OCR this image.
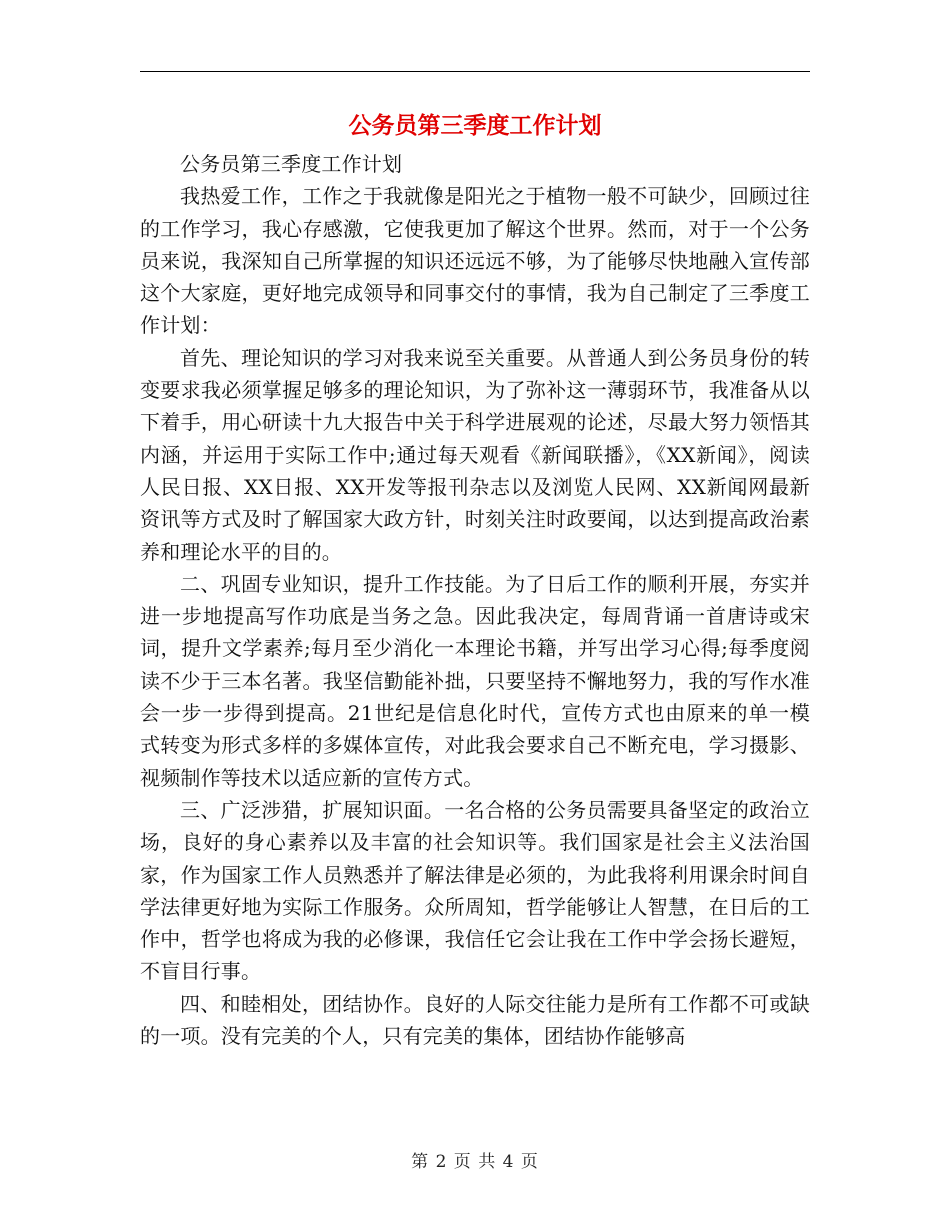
公务员第三季度工作计划

公务员第三季度工作计划

我热爱工作，工作之于我就像是阳光之于植物一般不可缺少，回顾过往的工作学习，我心存感激，它使我更加了解这个世界。然而，对于一个公务员来说，我深知自己所掌握的知识还远远不够，为了能够尽快地融入宣传部这个大家庭，更好地完成领导和同事交付的事情，我为自己制定了三季度工作计划：

首先、理论知识的学习对我来说至关重要。从普通人到公务员身份的转变要求我必须掌握足够多的理论知识，为了弥补这一薄弱环节，我准备从以下着手，用心研读十九大报告中关于科学进展观的论述，尽最大努力领悟其内涵，并运用于实际工作中;通过每天观看《新闻联播》，《XX新闻》，阅读人民日报、XX日报、XX开发等报刊杂志以及浏览人民网、XX新闻网最新资讯等方式及时了解国家大政方针，时刻关注时政要闻，以达到提高政治素养和理论水平的目的。

二、巩固专业知识，提升工作技能。为了日后工作的顺利开展，夯实并进一步地提高写作功底是当务之急。因此我决定，每周背诵一首唐诗或宋词，提升文学素养;每月至少消化一本理论书籍，并写出学习心得;每季度阅读不少于三本名著。我坚信勤能补拙，只要坚持不懈地努力，我的写作水准会一步一步得到提高。21世纪是信息化时代，宣传方式也由原来的单一模式转变为形式多样的多媒体宣传，对此我会要求自己不断充电，学习摄影、视频制作等技术以适应新的宣传方式。

三、广泛涉猎，扩展知识面。一名合格的公务员需要具备坚定的政治立场，良好的身心素养以及丰富的社会知识等。我们国家是社会主义法治国家，作为国家工作人员熟悉并了解法律是必须的，为此我将利用课余时间自学法律更好地为实际工作服务。众所周知，哲学能够让人智慧，在日后的工作中，哲学也将成为我的必修课，我信任它会让我在工作中学会扬长避短，不盲目行事。

四、和睦相处，团结协作。良好的人际交往能力是所有工作都不可或缺的一项。没有完美的个人，只有完美的集体，团结协作能够高

第 2 页 共 4 页
